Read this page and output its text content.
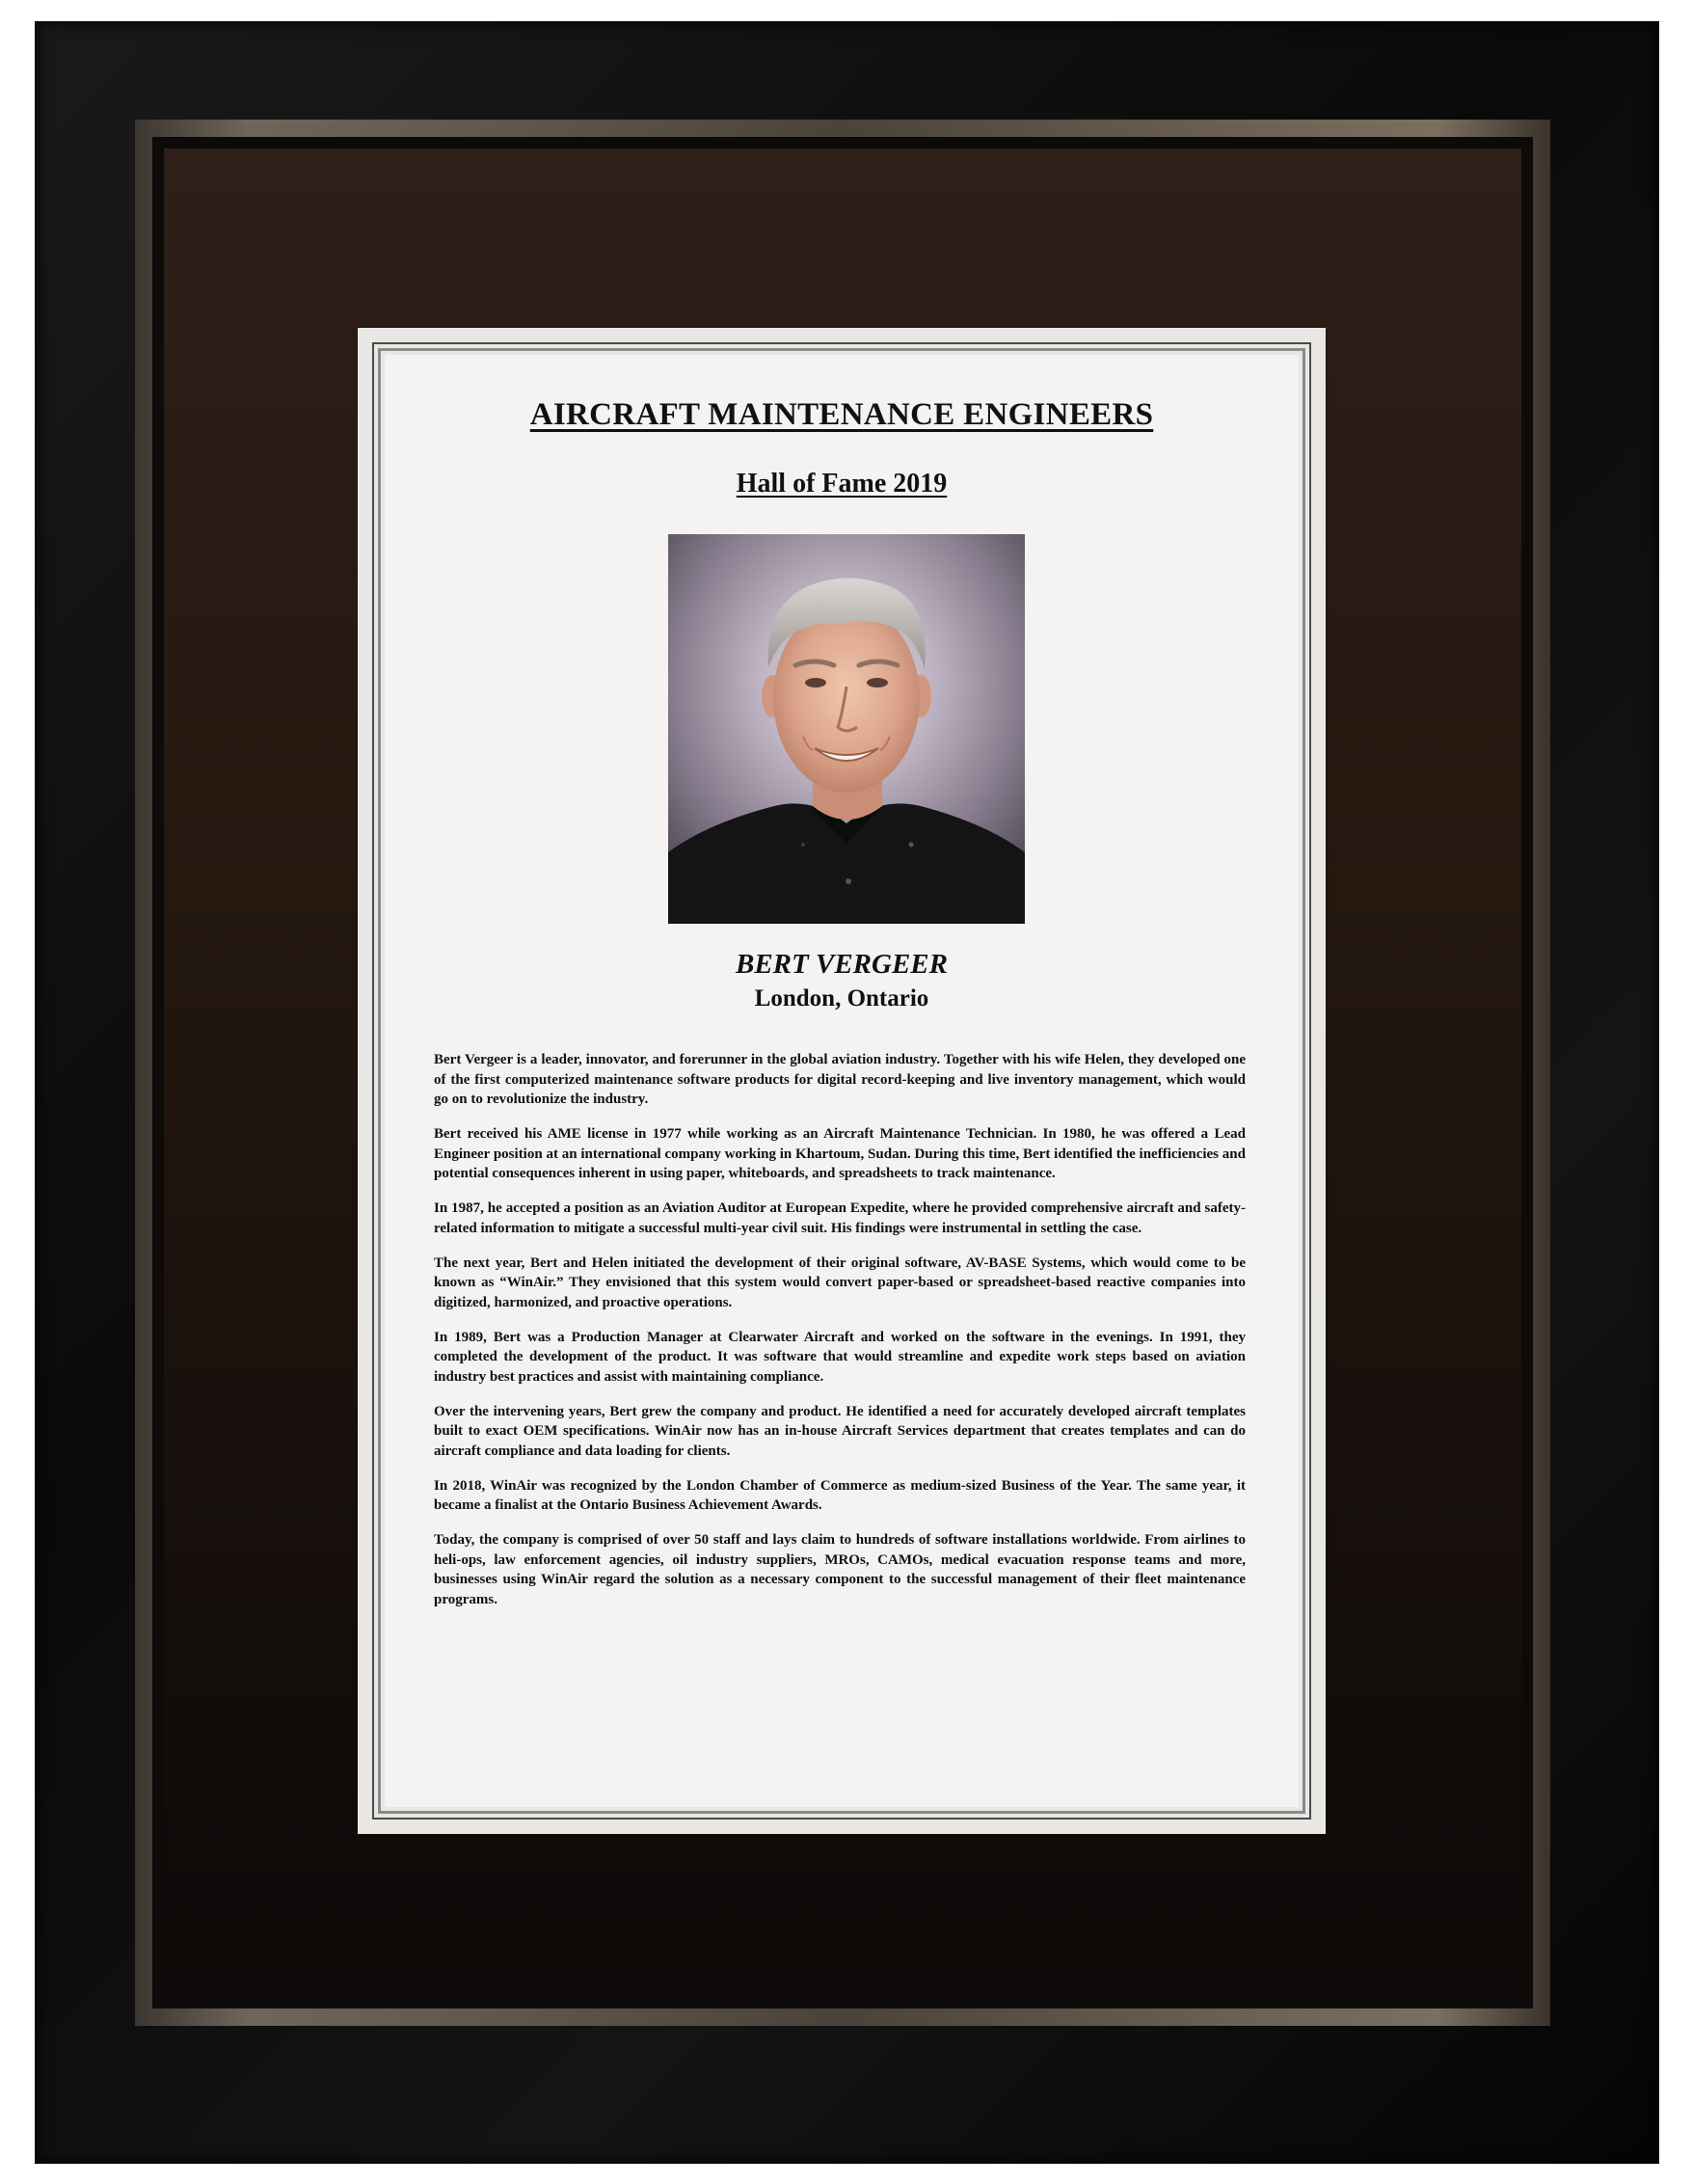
AIRCRAFT MAINTENANCE ENGINEERS
Hall of Fame 2019
BERT VERGEER
London, Ontario

Bert Vergeer is a leader, innovator, and forerunner in the global aviation industry. Together with his wife Helen, they developed one of the first computerized maintenance software products for digital record-keeping and live inventory management, which would go on to revolutionize the industry.

Bert received his AME license in 1977 while working as an Aircraft Maintenance Technician. In 1980, he was offered a Lead Engineer position at an international company working in Khartoum, Sudan. During this time, Bert identified the inefficiencies and potential consequences inherent in using paper, whiteboards, and spreadsheets to track maintenance.

In 1987, he accepted a position as an Aviation Auditor at European Expedite, where he provided comprehensive aircraft and safety-related information to mitigate a successful multi-year civil suit. His findings were instrumental in settling the case.

The next year, Bert and Helen initiated the development of their original software, AV-BASE Systems, which would come to be known as “WinAir.” They envisioned that this system would convert paper-based or spreadsheet-based reactive companies into digitized, harmonized, and proactive operations.

In 1989, Bert was a Production Manager at Clearwater Aircraft and worked on the software in the evenings. In 1991, they completed the development of the product. It was software that would streamline and expedite work steps based on aviation industry best practices and assist with maintaining compliance.

Over the intervening years, Bert grew the company and product. He identified a need for accurately developed aircraft templates built to exact OEM specifications. WinAir now has an in-house Aircraft Services department that creates templates and can do aircraft compliance and data loading for clients.

In 2018, WinAir was recognized by the London Chamber of Commerce as medium-sized Business of the Year. The same year, it became a finalist at the Ontario Business Achievement Awards.

Today, the company is comprised of over 50 staff and lays claim to hundreds of software installations worldwide. From airlines to heli-ops, law enforcement agencies, oil industry suppliers, MROs, CAMOs, medical evacuation response teams and more, businesses using WinAir regard the solution as a necessary component to the successful management of their fleet maintenance programs.
